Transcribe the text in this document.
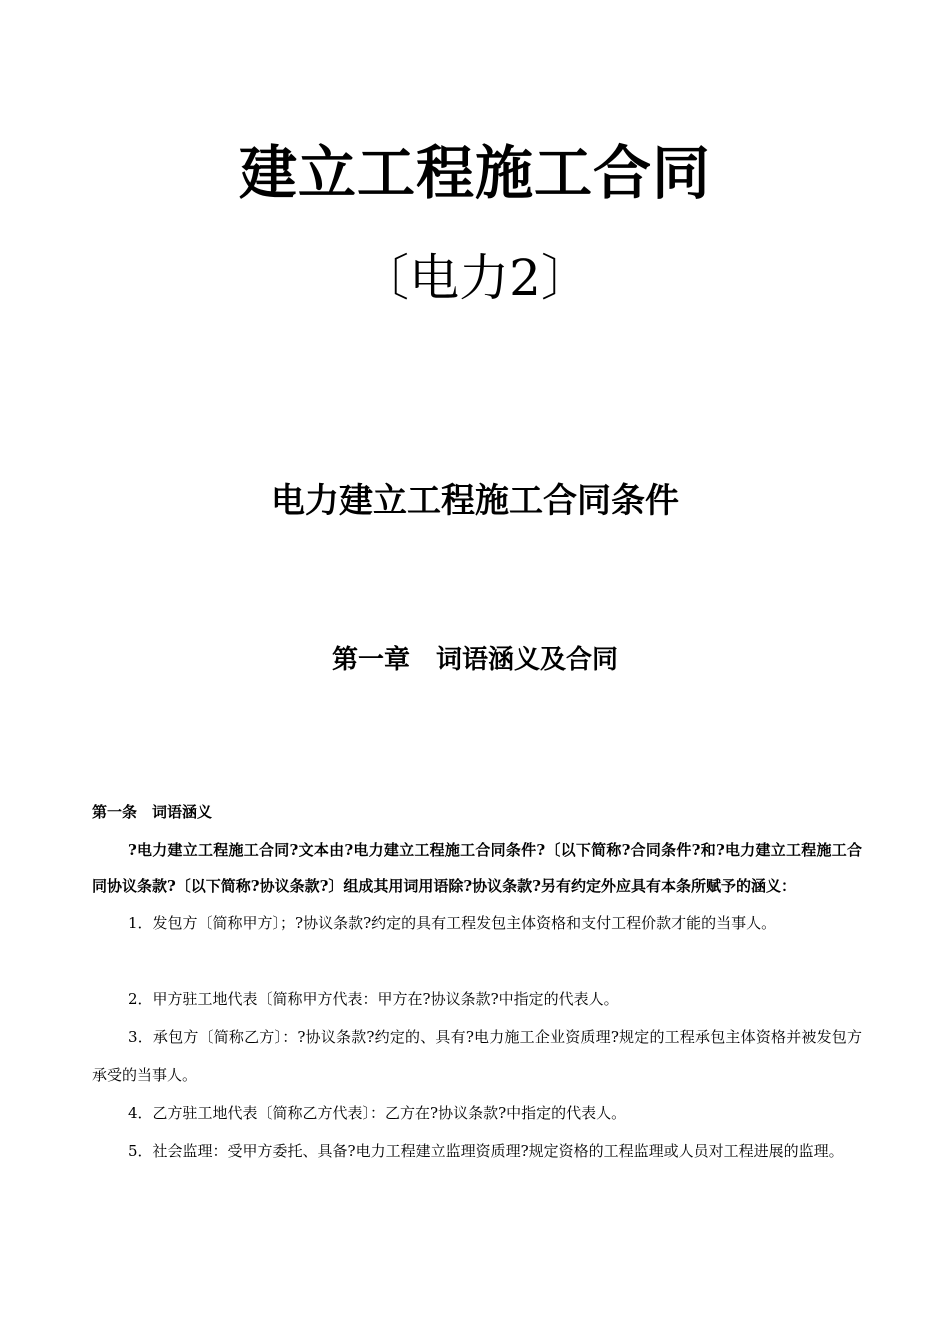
建立工程施工合同
〔电力2〕
电力建立工程施工合同条件
第一章　词语涵义及合同
第一条　词语涵义

?电力建立工程施工合同?文本由?电力建立工程施工合同条件?〔以下简称?合同条件?和?电力建立工程施工合同协议条款?〔以下简称?协议条款?〕组成其用词用语除?协议条款?另有约定外应具有本条所赋予的涵义：

1．发包方〔简称甲方〕；?协议条款?约定的具有工程发包主体资格和支付工程价款才能的当事人。

2．甲方驻工地代表〔简称甲方代表：甲方在?协议条款?中指定的代表人。

3．承包方〔简称乙方〕：?协议条款?约定的、具有?电力施工企业资质理?规定的工程承包主体资格并被发包方承受的当事人。

4．乙方驻工地代表〔简称乙方代表〕：乙方在?协议条款?中指定的代表人。

5．社会监理：受甲方委托、具备?电力工程建立监理资质理?规定资格的工程监理或人员对工程进展的监理。
